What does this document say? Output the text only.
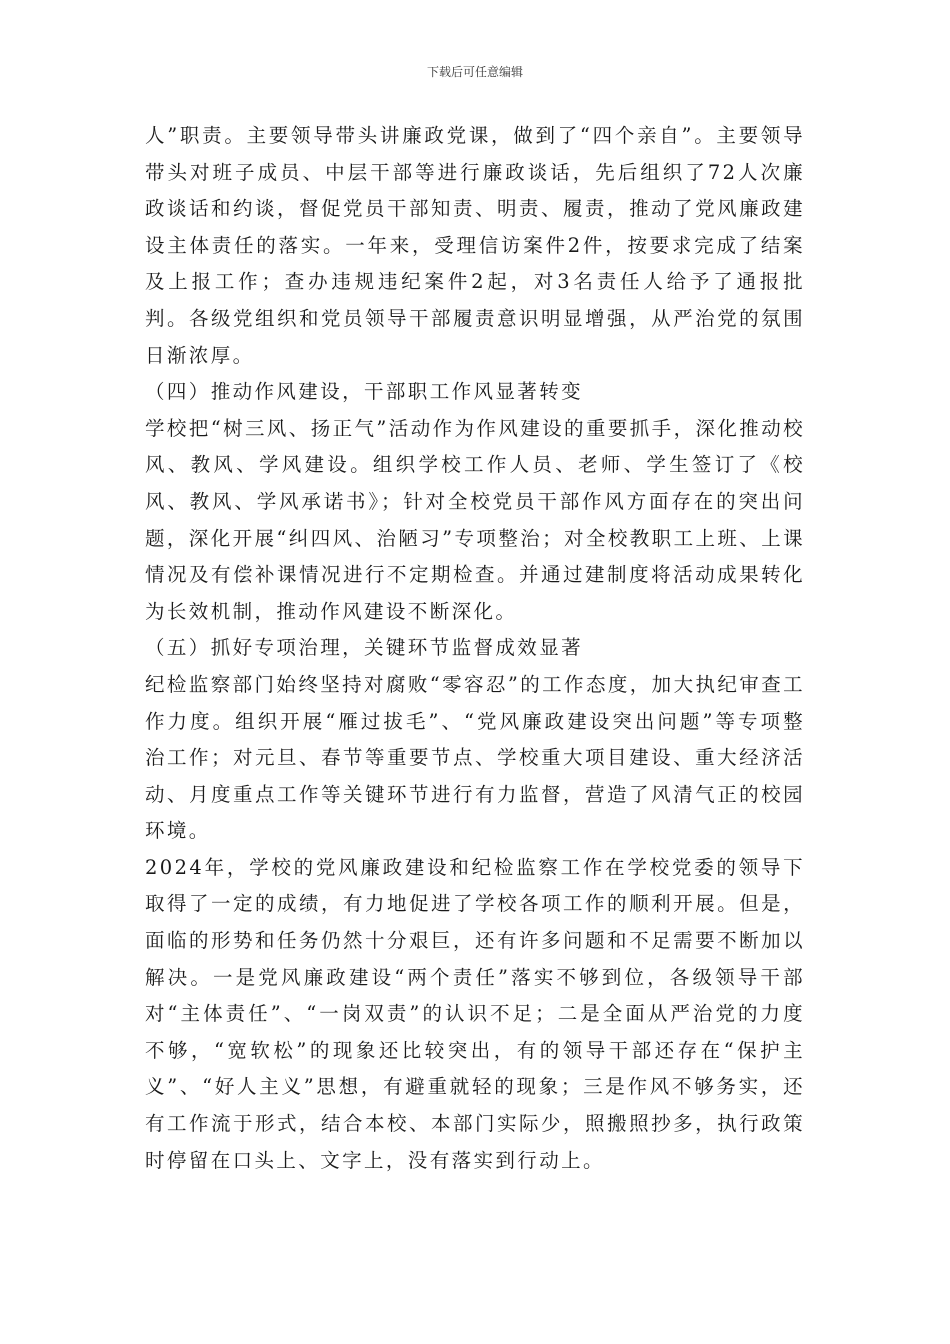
下载后可任意编辑

人”职责。主要领导带头讲廉政党课，做到了“四个亲自”。主要领导带头对班子成员、中层干部等进行廉政谈话，先后组织了72人次廉政谈话和约谈，督促党员干部知责、明责、履责，推动了党风廉政建设主体责任的落实。一年来，受理信访案件2件，按要求完成了结案及上报工作；查办违规违纪案件2起，对3名责任人给予了通报批判。各级党组织和党员领导干部履责意识明显增强，从严治党的氛围日渐浓厚。

（四）推动作风建设，干部职工作风显著转变

学校把“树三风、扬正气”活动作为作风建设的重要抓手，深化推动校风、教风、学风建设。组织学校工作人员、老师、学生签订了《校风、教风、学风承诺书》；针对全校党员干部作风方面存在的突出问题，深化开展“纠四风、治陋习”专项整治；对全校教职工上班、上课情况及有偿补课情况进行不定期检查。并通过建制度将活动成果转化为长效机制，推动作风建设不断深化。

（五）抓好专项治理，关键环节监督成效显著

纪检监察部门始终坚持对腐败“零容忍”的工作态度，加大执纪审查工作力度。组织开展“雁过拔毛”、“党风廉政建设突出问题”等专项整治工作；对元旦、春节等重要节点、学校重大项目建设、重大经济活动、月度重点工作等关键环节进行有力监督，营造了风清气正的校园环境。

2024年，学校的党风廉政建设和纪检监察工作在学校党委的领导下取得了一定的成绩，有力地促进了学校各项工作的顺利开展。但是，面临的形势和任务仍然十分艰巨，还有许多问题和不足需要不断加以解决。一是党风廉政建设“两个责任”落实不够到位，各级领导干部对“主体责任”、“一岗双责”的认识不足；二是全面从严治党的力度不够，“宽软松”的现象还比较突出，有的领导干部还存在“保护主义”、“好人主义”思想，有避重就轻的现象；三是作风不够务实，还有工作流于形式，结合本校、本部门实际少，照搬照抄多，执行政策时停留在口头上、文字上，没有落实到行动上。
